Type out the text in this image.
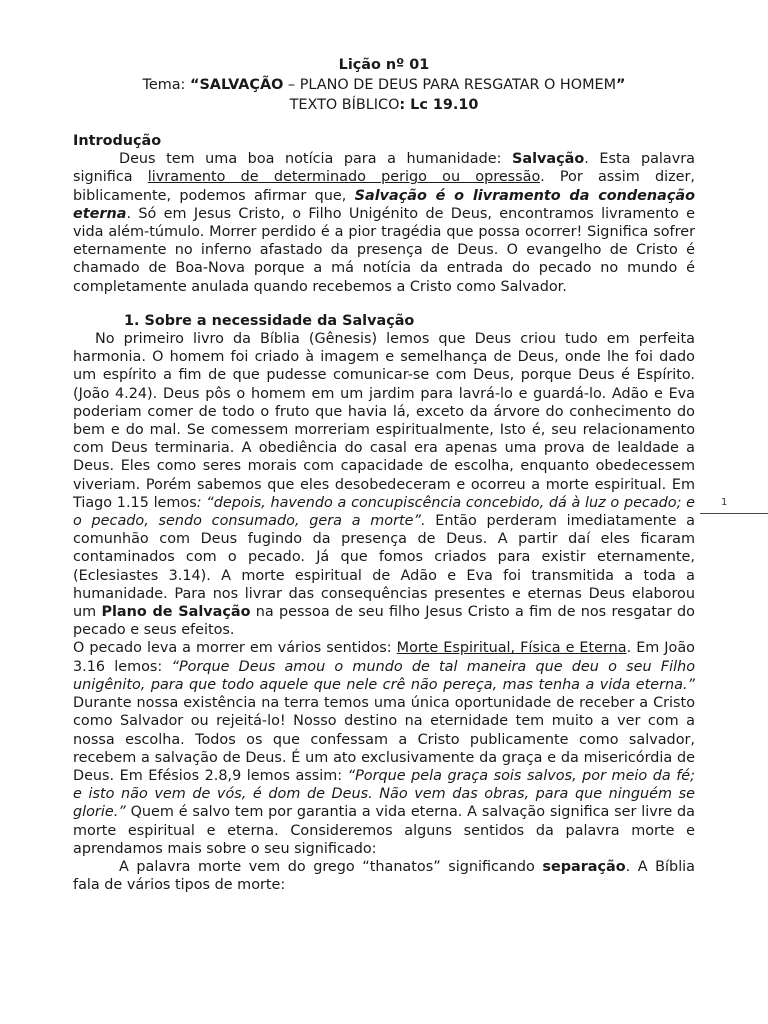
Lição nº 01
Tema: “SALVAÇÃO – PLANO DE DEUS PARA RESGATAR O HOMEM”
TEXTO BÍBLICO: Lc 19.10
Introdução

Deus tem uma boa notícia para a humanidade: Salvação. Esta palavra significa livramento de determinado perigo ou opressão. Por assim dizer, biblicamente, podemos afirmar que, Salvação é o livramento da condenação eterna. Só em Jesus Cristo, o Filho Unigénito de Deus, encontramos livramento e vida além-túmulo. Morrer perdido é a pior tragédia que possa ocorrer! Significa sofrer eternamente no inferno afastado da presença de Deus. O evangelho de Cristo é chamado de Boa-Nova porque a má notícia da entrada do pecado no mundo é completamente anulada quando recebemos a Cristo como Salvador.

1. Sobre a necessidade da Salvação

No primeiro livro da Bíblia (Gênesis) lemos que Deus criou tudo em perfeita harmonia. O homem foi criado à imagem e semelhança de Deus, onde lhe foi dado um espírito a fim de que pudesse comunicar-se com Deus, porque Deus é Espírito. (João 4.24). Deus pôs o homem em um jardim para lavrá-lo e guardá-lo. Adão e Eva poderiam comer de todo o fruto que havia lá, exceto da árvore do conhecimento do bem e do mal. Se comessem morreriam espiritualmente, Isto é, seu relacionamento com Deus terminaria. A obediência do casal era apenas uma prova de lealdade a Deus. Eles como seres morais com capacidade de escolha, enquanto obedecessem viveriam. Porém sabemos que eles desobedeceram e ocorreu a morte espiritual. Em Tiago 1.15 lemos: “depois, havendo a concupiscência concebido, dá à luz o pecado; e o pecado, sendo consumado, gera a morte”. Então perderam imediatamente a comunhão com Deus fugindo da presença de Deus. A partir daí eles ficaram contaminados com o pecado. Já que fomos criados para existir eternamente, (Eclesiastes 3.14). A morte espiritual de Adão e Eva foi transmitida a toda a humanidade. Para nos livrar das consequências presentes e eternas Deus elaborou um Plano de Salvação na pessoa de seu filho Jesus Cristo a fim de nos resgatar do pecado e seus efeitos.

O pecado leva a morrer em vários sentidos: Morte Espiritual, Física e Eterna. Em João 3.16 lemos: “Porque Deus amou o mundo de tal maneira que deu o seu Filho unigênito, para que todo aquele que nele crê não pereça, mas tenha a vida eterna.” Durante nossa existência na terra temos uma única oportunidade de receber a Cristo como Salvador ou rejeitá-lo! Nosso destino na eternidade tem muito a ver com a nossa escolha. Todos os que confessam a Cristo publicamente como salvador, recebem a salvação de Deus. É um ato exclusivamente da graça e da misericórdia de Deus. Em Efésios 2.8,9 lemos assim: “Porque pela graça sois salvos, por meio da fé; e isto não vem de vós, é dom de Deus. Não vem das obras, para que ninguém se glorie.” Quem é salvo tem por garantia a vida eterna. A salvação significa ser livre da morte espiritual e eterna. Consideremos alguns sentidos da palavra morte e aprendamos mais sobre o seu significado:

A palavra morte vem do grego “thanatos” significando separação. A Bíblia fala de vários tipos de morte:

1
